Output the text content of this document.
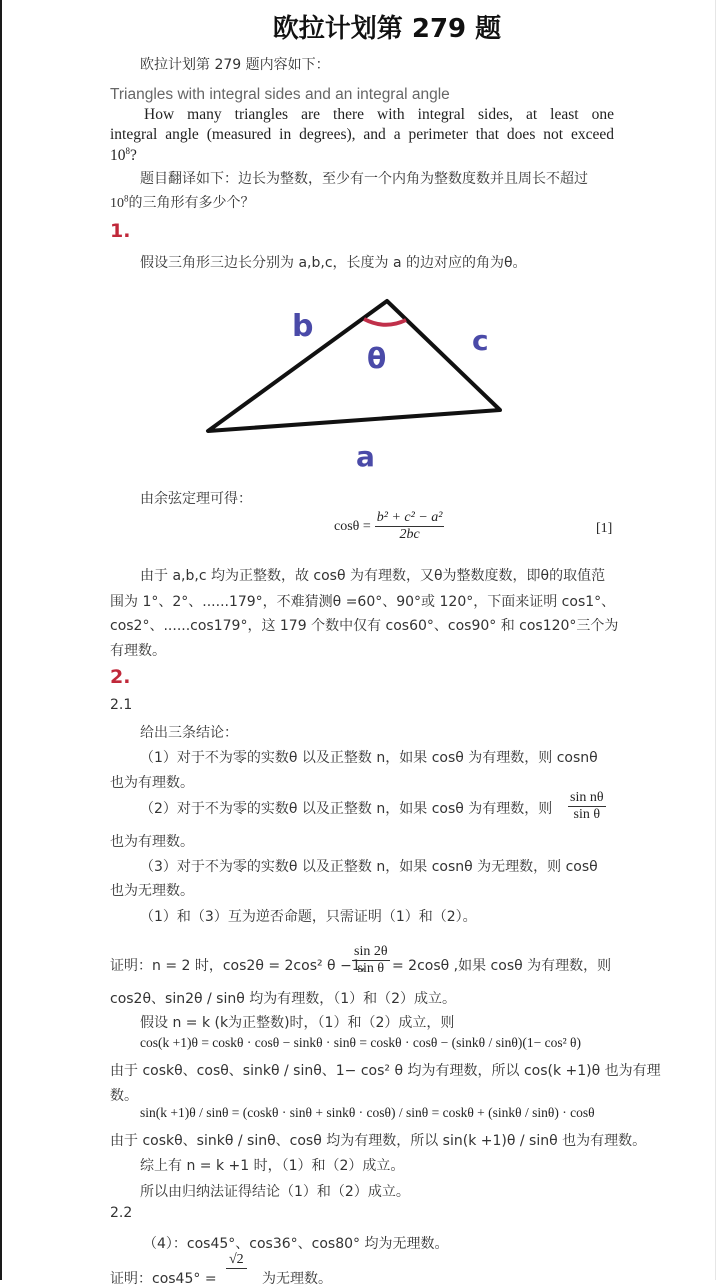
欧拉计划第 279 题
欧拉计划第 279 题内容如下：
Triangles with integral sides and an integral angle
How many triangles are there with integral sides, at least one
integral angle (measured in degrees), and a perimeter that does not exceed
$10^8$?
题目翻译如下：边长为整数，至少有一个内角为整数度数并且周长不超过
$10^8$的三角形有多少个？
1.
假设三角形三边长分别为 a,b,c，长度为 a 的边对应的角为θ。
b
θ
c
a
由余弦定理可得：
$\cos\theta = \frac{\text{b² + c² − a²}}{2bc}$	[1]
由于 a,b,c 均为正整数，故 cosθ 为有理数，又θ为整数度数，即θ的取值范
围为 1°、2°、......179°，不难猜测θ =60°、90°或 120°，下面来证明 cos1°、
cos2°、......cos179°，这 179 个数中仅有 cos60°、cos90° 和 cos120°三个为
有理数。
2.
2.1
给出三条结论：
（1）对于不为零的实数θ 以及正整数 n，如果 cosθ 为有理数，则 cosnθ
也为有理数。
（2）对于不为零的实数θ 以及正整数 n，如果 cosθ 为有理数，则 $\frac{\text{sin nθ}}{\text{sin θ}}$
也为有理数。
（3）对于不为零的实数θ 以及正整数 n，如果 cosnθ 为无理数，则 cosθ
也为无理数。
（1）和（3）互为逆否命题，只需证明（1）和（2）。
证明：n = 2 时，cos2θ = 2cos² θ −1,
$\frac{\sin 2\theta}{\text{sin θ}} = 2\cos\theta$ ,如果 cosθ 为有理数，则
cos2θ、sin2θ / sinθ 均为有理数，（1）和（2）成立。
假设 n = k (k为正整数)时，（1）和（2）成立，则
cos(k +1)θ = coskθ · cosθ − sinkθ · sinθ = coskθ · cosθ − (sinkθ / sinθ)(1− cos² θ)
由于 coskθ、cosθ、sinkθ / sinθ、1− cos² θ 均为有理数，所以 cos(k +1)θ 也为有理
数。
sin(k +1)θ / sinθ = (coskθ · sinθ + sinkθ · cosθ) / sinθ = coskθ + (sinkθ / sinθ) · cosθ
由于 coskθ、sinkθ / sinθ、cosθ 均为有理数，所以 sin(k +1)θ / sinθ 也为有理数。
综上有 n = k +1 时，（1）和（2）成立。
所以由归纳法证得结论（1）和（2）成立。
2.2
（4）：cos45°、cos36°、cos80° 均为无理数。
证明：cos45° =
√2
为无理数。
